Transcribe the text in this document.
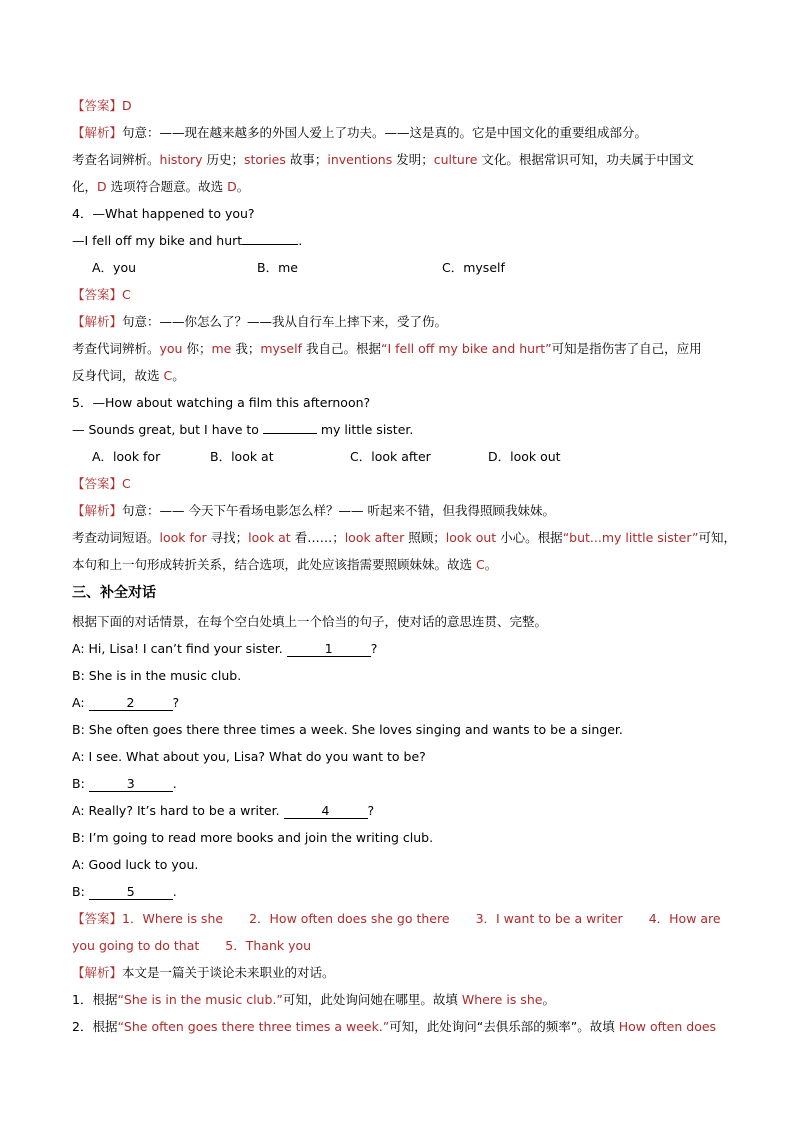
【答案】D
【解析】句意：——现在越来越多的外国人爱上了功夫。——这是真的。它是中国文化的重要组成部分。
考查名词辨析。history 历史；stories 故事；inventions 发明；culture 文化。根据常识可知，功夫属于中国文
化，D 选项符合题意。故选 D。
4．—What happened to you?
—I fell off my bike and hurt	.
A．you	B．me	C．myself
【答案】C
【解析】句意：——你怎么了？——我从自行车上摔下来，受了伤。
考查代词辨析。you 你；me 我；myself 我自己。根据“I fell off my bike and hurt”可知是指伤害了自己，应用
反身代词，故选 C。
5．—How about watching a film this afternoon?
— Sounds great, but I have to	my little sister.
A．look for	B．look at	C．look after	D．look out
【答案】C
【解析】句意：—— 今天下午看场电影怎么样？—— 听起来不错，但我得照顾我妹妹。
考查动词短语。look for 寻找；look at 看……；look after 照顾；look out 小心。根据“but...my little sister”可知，
本句和上一句形成转折关系，结合选项，此处应该指需要照顾妹妹。故选 C。
三、补全对话
根据下面的对话情景，在每个空白处填上一个恰当的句子，使对话的意思连贯、完整。
A: Hi, Lisa! I can’t find your sister.	1	?
B: She is in the music club.
A:	2	?
B: She often goes there three times a week. She loves singing and wants to be a singer.
A: I see. What about you, Lisa? What do you want to be?
B:	3	.
A: Really? It’s hard to be a writer.	4	?
B: I’m going to read more books and join the writing club.
A: Good luck to you.
B:	5	.
【答案】1．Where is she 2．How often does she go there 3．I want to be a writer 4．How are
you going to do that 5．Thank you
【解析】本文是一篇关于谈论未来职业的对话。
1．根据“She is in the music club.”可知，此处询问她在哪里。故填 Where is she。
2．根据“She often goes there three times a week.”可知，此处询问“去俱乐部的频率”。故填 How often does
